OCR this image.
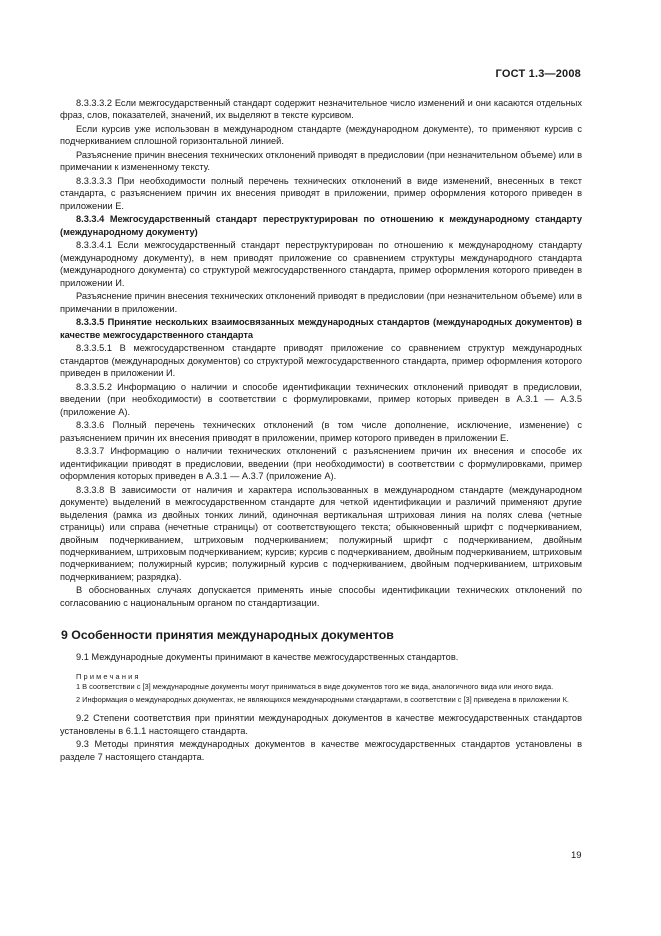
ГОСТ 1.3—2008

8.3.3.3.2 Если межгосударственный стандарт содержит незначительное число изменений и они касаются отдельных фраз, слов, показателей, значений, их выделяют в тексте курсивом.

Если курсив уже использован в международном стандарте (международном документе), то применяют курсив с подчеркиванием сплошной горизонтальной линией.

Разъяснение причин внесения технических отклонений приводят в предисловии (при незначительном объеме) или в примечании к измененному тексту.

8.3.3.3.3 При необходимости полный перечень технических отклонений в виде изменений, внесенных в текст стандарта, с разъяснением причин их внесения приводят в приложении, пример оформления которого приведен в приложении Е.

8.3.3.4 Межгосударственный стандарт переструктурирован по отношению к международному стандарту (международному документу)

8.3.3.4.1 Если межгосударственный стандарт переструктурирован по отношению к международному стандарту (международному документу), в нем приводят приложение со сравнением структуры международного стандарта (международного документа) со структурой межгосударственного стандарта, пример оформления которого приведен в приложении И.

Разъяснение причин внесения технических отклонений приводят в предисловии (при незначительном объеме) или в примечании в приложении.

8.3.3.5 Принятие нескольких взаимосвязанных международных стандартов (международных документов) в качестве межгосударственного стандарта

8.3.3.5.1 В межгосударственном стандарте приводят приложение со сравнением структур международных стандартов (международных документов) со структурой межгосударственного стандарта, пример оформления которого приведен в приложении И.

8.3.3.5.2 Информацию о наличии и способе идентификации технических отклонений приводят в предисловии, введении (при необходимости) в соответствии с формулировками, пример которых приведен в А.3.1 — А.3.5 (приложение А).

8.3.3.6 Полный перечень технических отклонений (в том числе дополнение, исключение, изменение) с разъяснением причин их внесения приводят в приложении, пример которого приведен в приложении Е.

8.3.3.7 Информацию о наличии технических отклонений с разъяснением причин их внесения и способе их идентификации приводят в предисловии, введении (при необходимости) в соответствии с формулировками, пример оформления которых приведен в А.3.1 — А.3.7 (приложение А).

8.3.3.8 В зависимости от наличия и характера использованных в международном стандарте (международном документе) выделений в межгосударственном стандарте для четкой идентификации и различий применяют другие выделения (рамка из двойных тонких линий, одиночная вертикальная штриховая линия на полях слева (четные страницы) или справа (нечетные страницы) от соответствующего текста; обыкновенный шрифт с подчеркиванием, двойным подчеркиванием, штриховым подчеркиванием; полужирный шрифт с подчеркиванием, двойным подчеркиванием, штриховым подчеркиванием; курсив; курсив с подчеркиванием, двойным подчеркиванием, штриховым подчеркиванием; полужирный курсив; полужирный курсив с подчеркиванием, двойным подчеркиванием, штриховым подчеркиванием; разрядка).

В обоснованных случаях допускается применять иные способы идентификации технических отклонений по согласованию с национальным органом по стандартизации.

9 Особенности принятия международных документов

9.1 Международные документы принимают в качестве межгосударственных стандартов.

Примечания

1 В соответствии с [3] международные документы могут приниматься в виде документов того же вида, аналогичного вида или иного вида.

2 Информация о международных документах, не являющихся международными стандартами, в соответствии с [3] приведена в приложении К.

9.2 Степени соответствия при принятии международных документов в качестве межгосударственных стандартов установлены в 6.1.1 настоящего стандарта.

9.3 Методы принятия международных документов в качестве межгосударственных стандартов установлены в разделе 7 настоящего стандарта.

19
